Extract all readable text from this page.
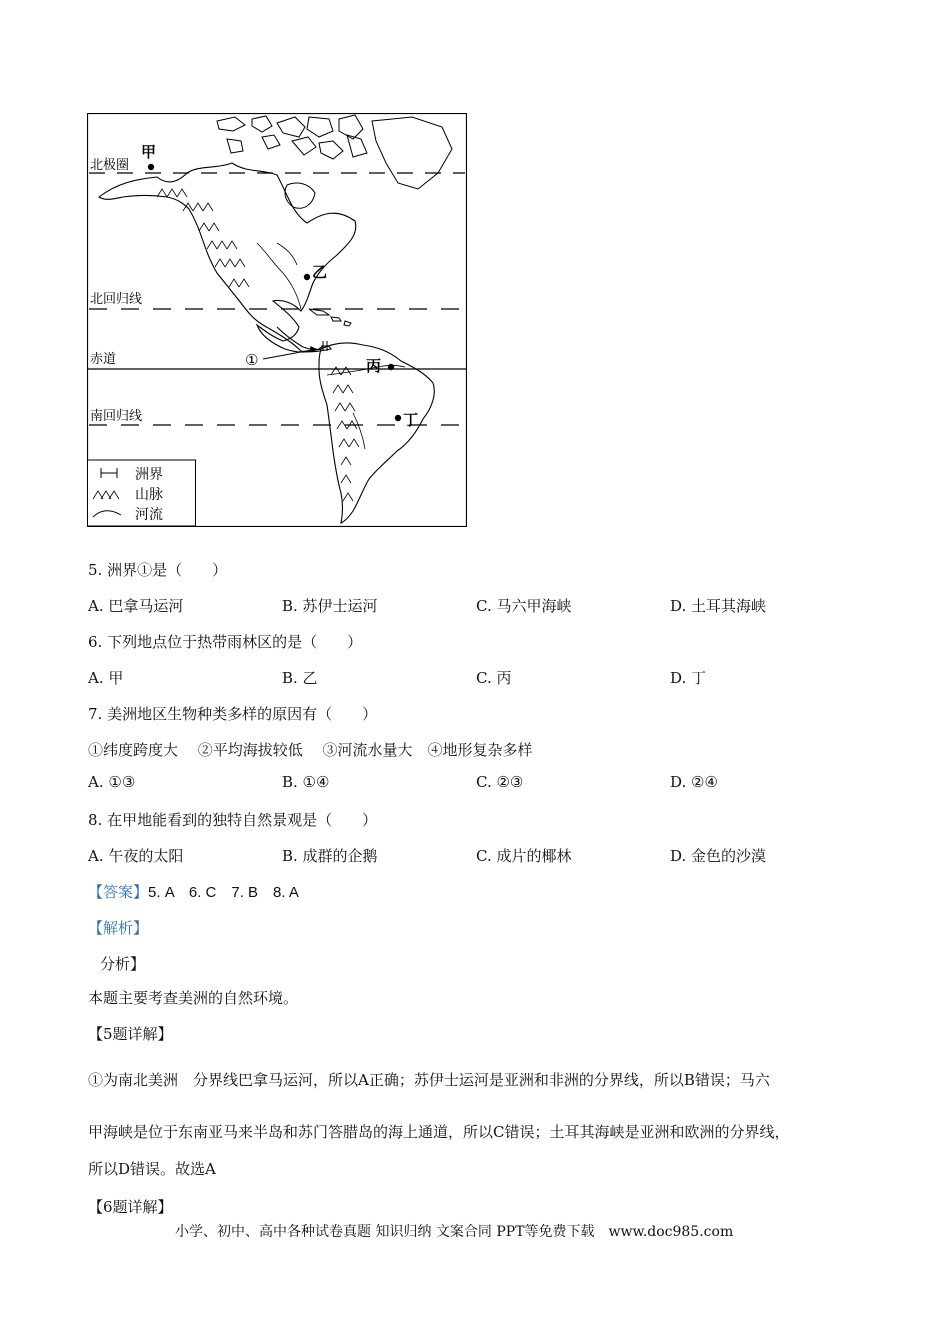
北极圈
北回归线
赤道
南回归线
甲
乙
丙
丁
①
洲界
山脉
河流
5. 洲界①是（　　）
A. 巴拿马运河	B. 苏伊士运河	C. 马六甲海峡	D. 土耳其海峡
6. 下列地点位于热带雨林区的是（　　）
A. 甲	B. 乙	C. 丙	D. 丁
7. 美洲地区生物种类多样的原因有（　　）
①纬度跨度大　 ②平均海拔较低　 ③河流水量大　④地形复杂多样
A. ①③	B. ①④	C. ②③	D. ②④
8. 在甲地能看到的独特自然景观是（　　）
A. 午夜的太阳	B. 成群的企鹅	C. 成片的椰林	D. 金色的沙漠
【答案】5. A　6. C　7. B　8. A
【解析】
分析】
本题主要考查美洲的自然环境。
【5题详解】
①为南北美洲　分界线巴拿马运河，所以A正确；苏伊士运河是亚洲和非洲的分界线，所以B错误；马六
甲海峡是位于东南亚马来半岛和苏门答腊岛的海上通道，所以C错误；土耳其海峡是亚洲和欧洲的分界线，
所以D错误。故选A
【6题详解】
小学、初中、高中各种试卷真题 知识归纳 文案合同 PPT等免费下载　www.doc985.com
